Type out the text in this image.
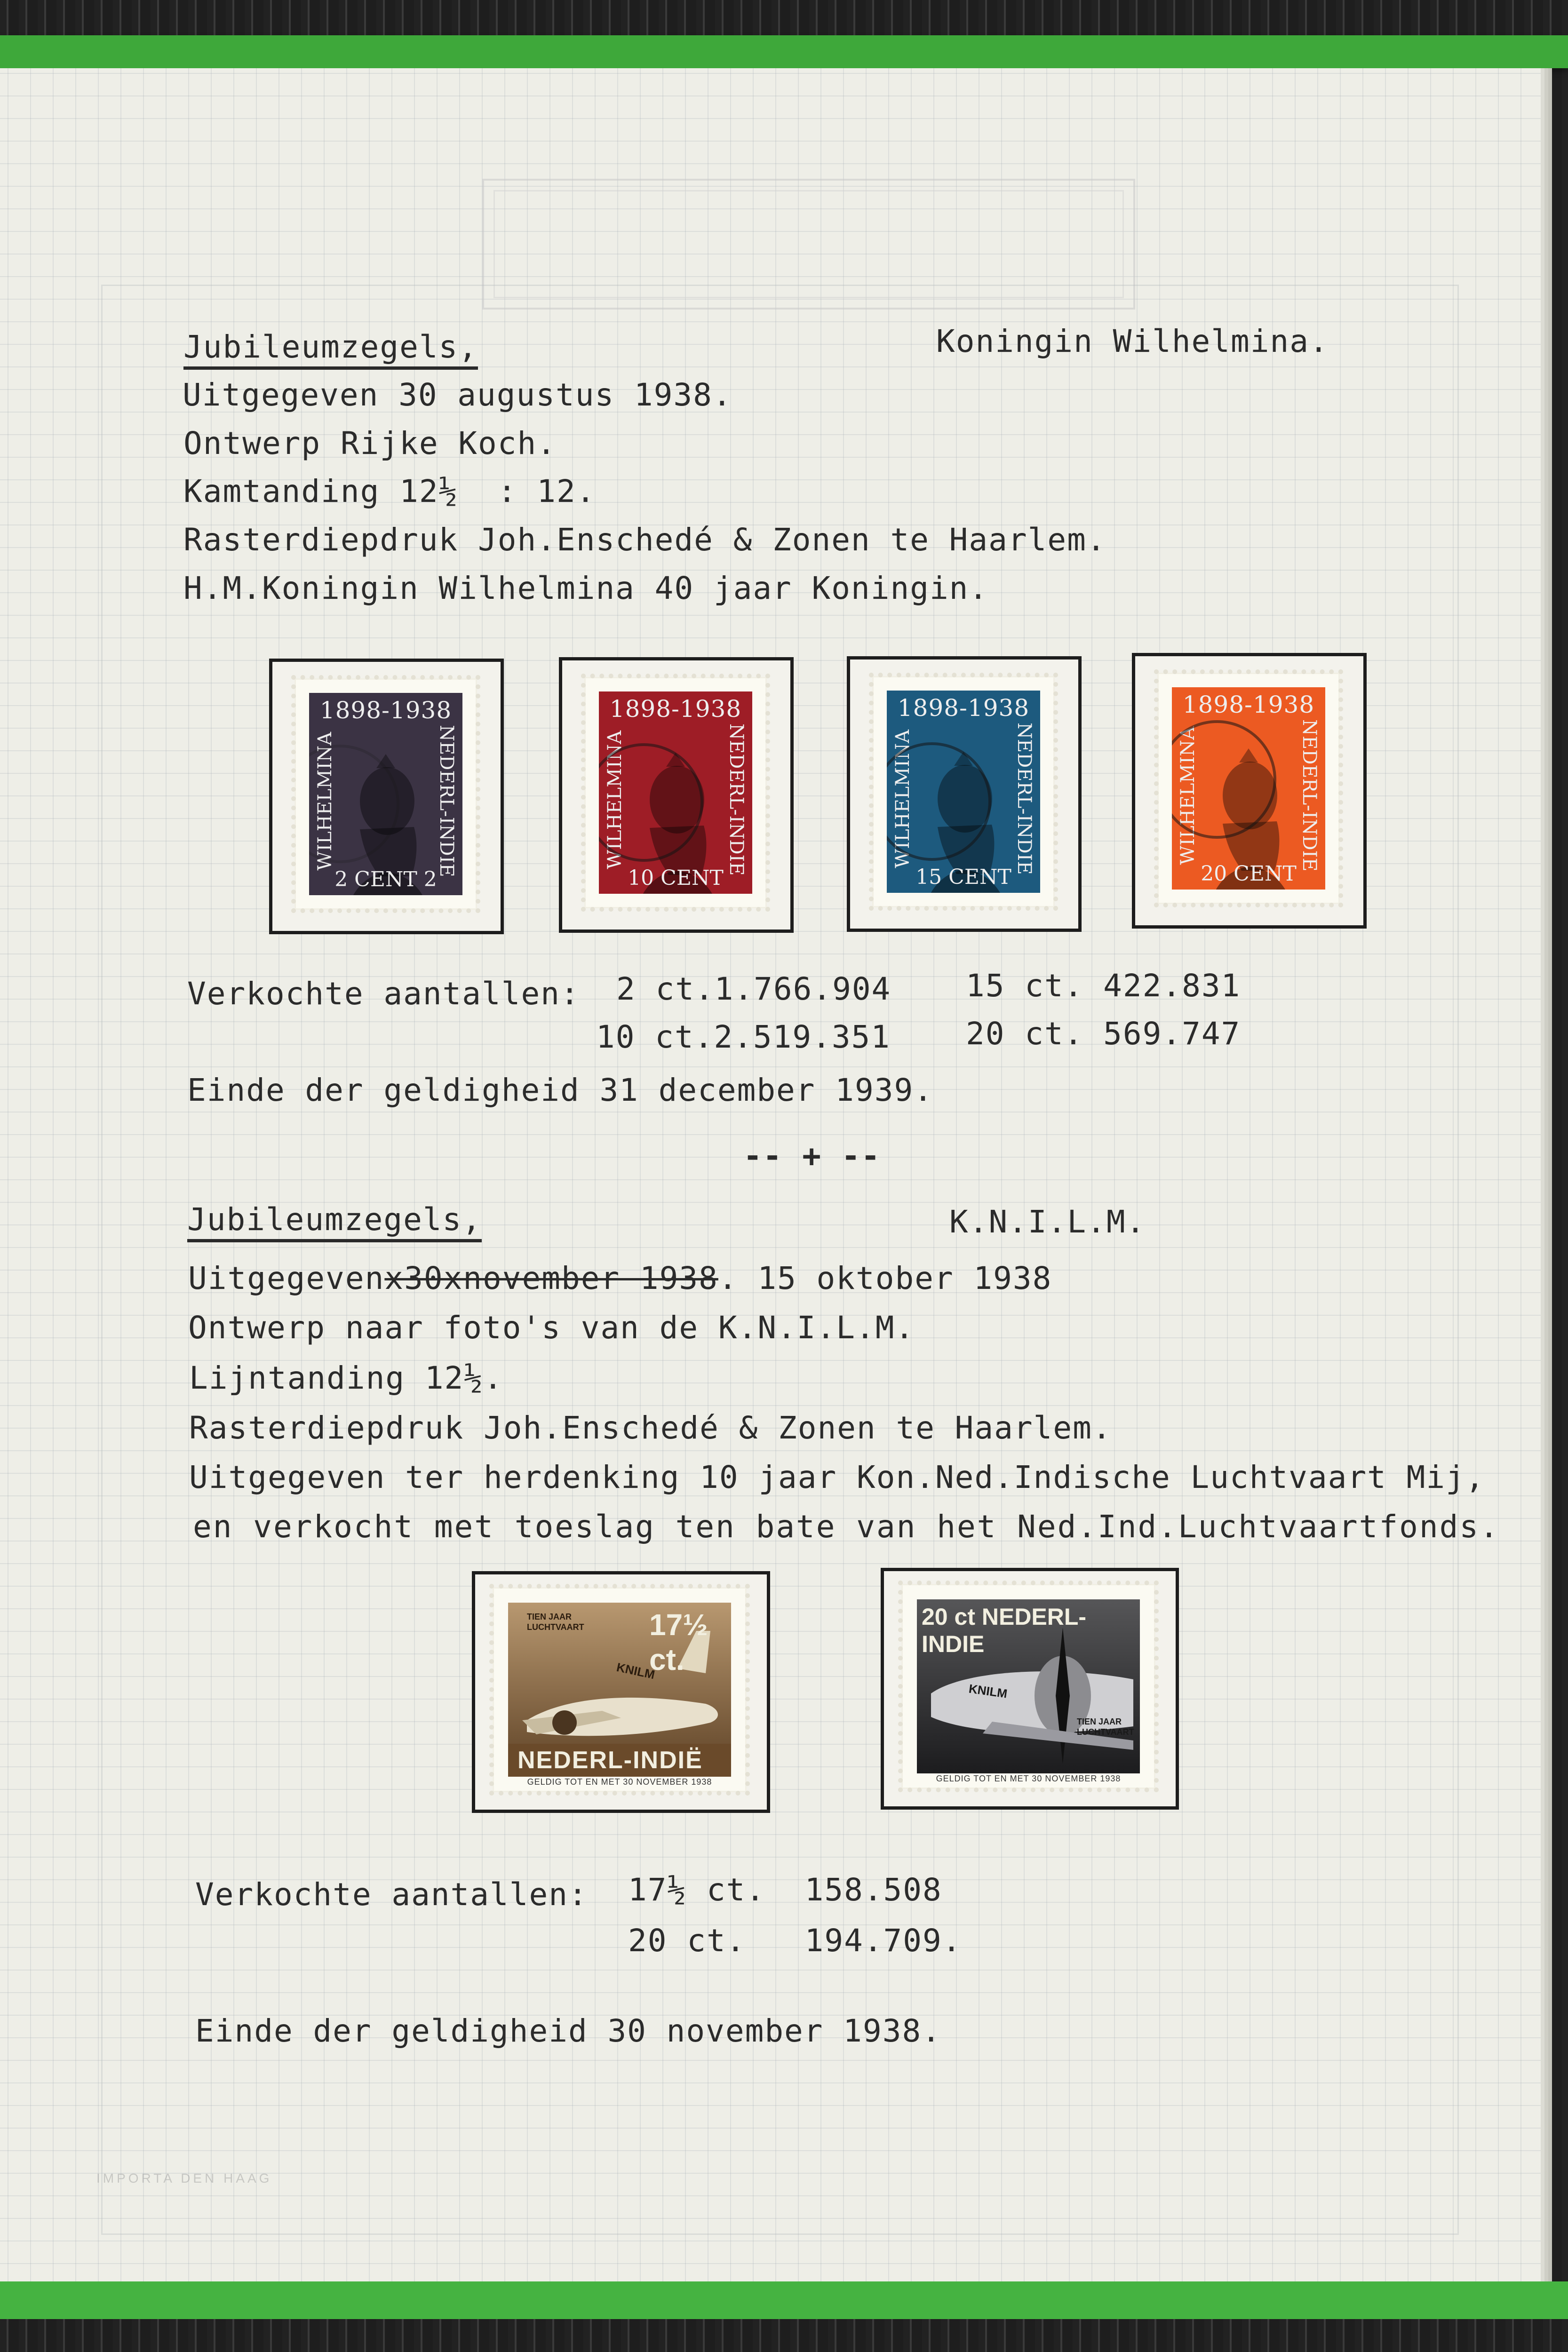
Jubileumzegels,	Koningin Wilhelmina.
Uitgegeven 30 augustus 1938.
Ontwerp Rijke Koch.
Kamtanding 12½  : 12.
Rasterdiepdruk Joh.Enschedé & Zonen te Haarlem.
H.M.Koningin Wilhelmina 40 jaar Koningin.
1898-1938
WILHELMINA	NEDERL-INDIE
2 CENT 2
1898-1938
WILHELMINA	NEDERL-INDIE
10 CENT
1898-1938
WILHELMINA	NEDERL-INDIE
15 CENT
1898-1938
WILHELMINA	NEDERL-INDIE
20 CENT
Verkochte aantallen: 2 ct.1.766.904 15 ct. 422.831
10 ct.2.519.351 20 ct. 569.747
Einde der geldigheid 31 december 1939.
-- + --
Jubileumzegels,	K.N.I.L.M.
Uitgegevenx30xnovember 1938. 15 oktober 1938
Ontwerp naar foto's van de K.N.I.L.M.
Lijntanding 12½.
Rasterdiepdruk Joh.Enschedé & Zonen te Haarlem.
Uitgegeven ter herdenking 10 jaar Kon.Ned.Indische Luchtvaart Mij,
en verkocht met toeslag ten bate van het Ned.Ind.Luchtvaartfonds.
TIEN JAAR LUCHTVAART 17½ ct.
KNILM
NEDERL-INDIË
GELDIG TOT EN MET 30 NOVEMBER 1938
20 ct NEDERL-INDIE
KNILM
TIEN JAAR LUCHTVAART
GELDIG TOT EN MET 30 NOVEMBER 1938
Verkochte aantallen: 17½ ct.  158.508
20 ct.   194.709.
Einde der geldigheid 30 november 1938.
IMPORTA DEN HAAG
